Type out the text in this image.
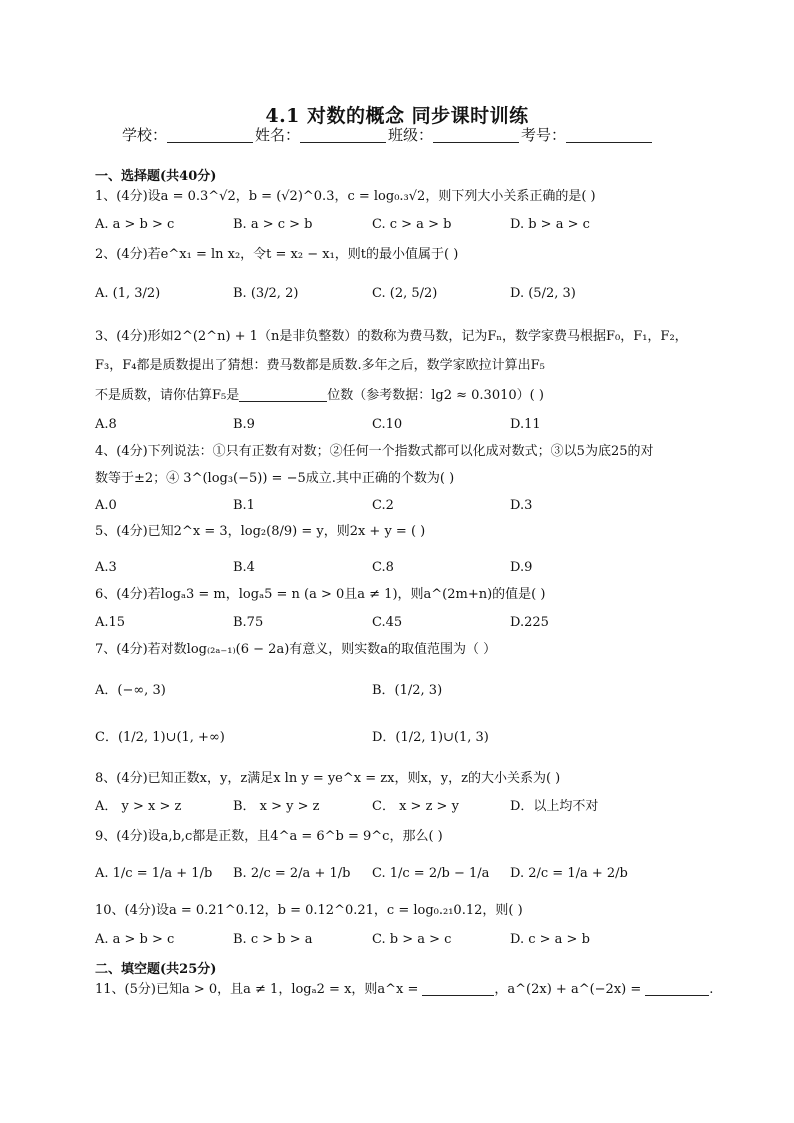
4.1 对数的概念 同步课时训练
学校：	姓名：	班级：	考号：
一、选择题(共40分)
1、(4分)设a = 0.3^√2，b = (√2)^0.3，c = log₀.₃√2，则下列大小关系正确的是( )
A. a > b > c	B. a > c > b	C. c > a > b	D. b > a > c
2、(4分)若e^x₁ = ln x₂，令t = x₂ − x₁，则t的最小值属于( )
A. (1, 3/2)	B. (3/2, 2)	C. (2, 5/2)	D. (5/2, 3)
3、(4分)形如2^(2^n) + 1（n是非负整数）的数称为费马数，记为Fₙ，数学家费马根据F₀，F₁，F₂，
F₃，F₄都是质数提出了猜想：费马数都是质数.多年之后，数学家欧拉计算出F₅
不是质数，请你估算F₅是	位数（参考数据：lg2 ≈ 0.3010）( )
A.8	B.9	C.10	D.11
4、(4分)下列说法：①只有正数有对数；②任何一个指数式都可以化成对数式；③以5为底25的对
数等于±2；④ 3^(log₃(−5)) = −5成立.其中正确的个数为( )
A.0	B.1	C.2	D.3
5、(4分)已知2^x = 3，log₂(8/9) = y，则2x + y = ( )
A.3	B.4	C.8	D.9
6、(4分)若logₐ3 = m，logₐ5 = n (a > 0且a ≠ 1)，则a^(2m+n)的值是( )
A.15	B.75	C.45	D.225
7、(4分)若对数log₍₂ₐ₋₁₎(6 − 2a)有意义，则实数a的取值范围为（ ）
A．(−∞, 3)	B．(1/2, 3)
C．(1/2, 1)∪(1, +∞)	D．(1/2, 1)∪(1, 3)
8、(4分)已知正数x，y，z满足x ln y = ye^x = zx，则x，y，z的大小关系为( )
A． y > x > z	B． x > y > z	C． x > z > y	D．以上均不对
9、(4分)设a,b,c都是正数，且4^a = 6^b = 9^c，那么( )
A. 1/c = 1/a + 1/b B. 2/c = 2/a + 1/b C. 1/c = 2/b − 1/a D. 2/c = 1/a + 2/b
10、(4分)设a = 0.21^0.12，b = 0.12^0.21，c = log₀.₂₁0.12，则( )
A. a > b > c	B. c > b > a	C. b > a > c	D. c > a > b
二、填空题(共25分)
11、(5分)已知a > 0，且a ≠ 1，logₐ2 = x，则a^x =	，a^(2x) + a^(−2x) =	.
